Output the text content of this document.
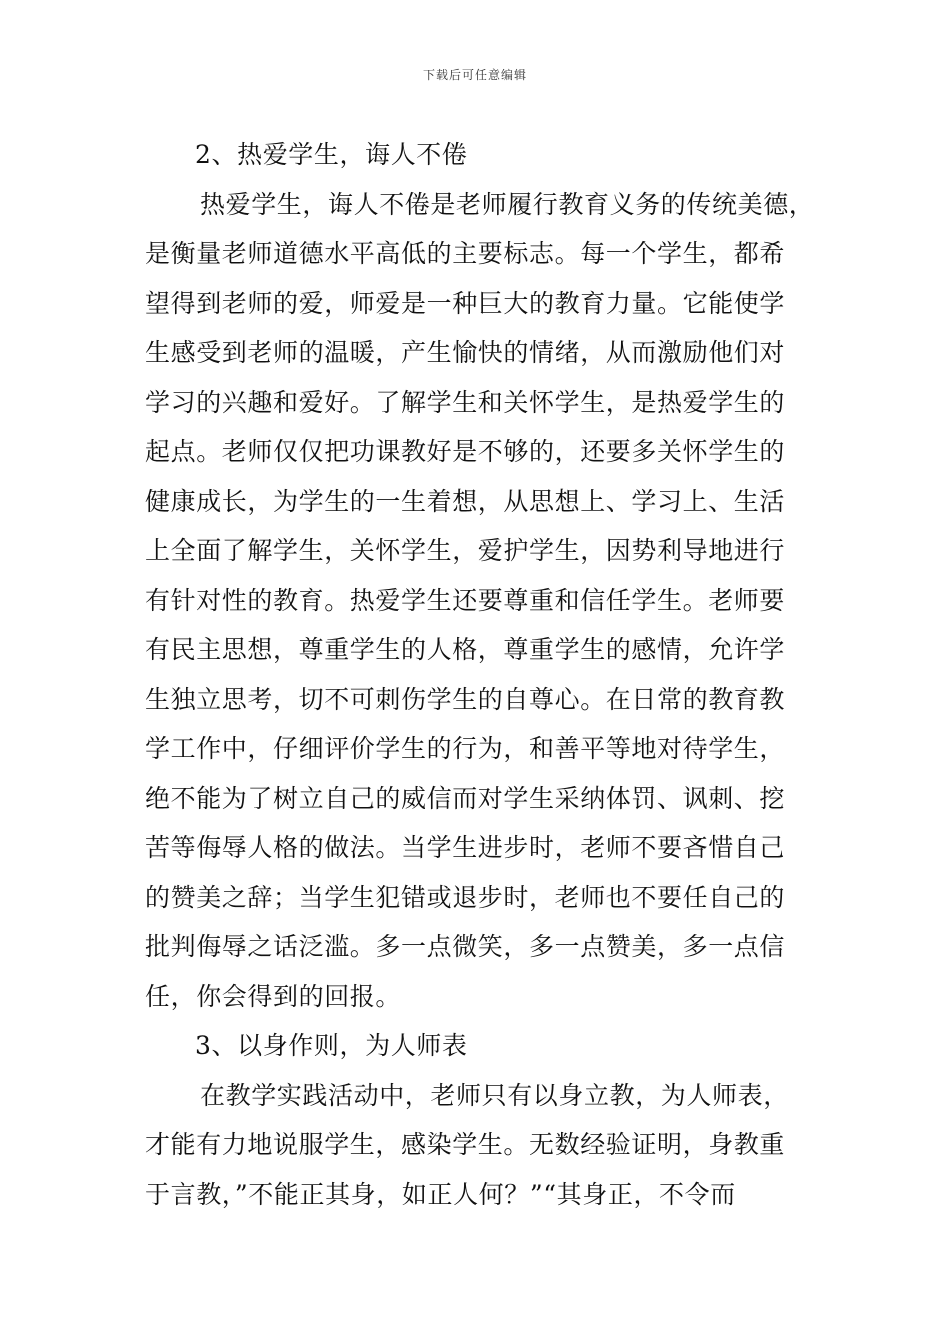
下载后可任意编辑
2、热爱学生，诲人不倦
热爱学生，诲人不倦是老师履行教育义务的传统美德，
是衡量老师道德水平高低的主要标志。每一个学生，都希
望得到老师的爱，师爱是一种巨大的教育力量。它能使学
生感受到老师的温暖，产生愉快的情绪，从而激励他们对
学习的兴趣和爱好。了解学生和关怀学生，是热爱学生的
起点。老师仅仅把功课教好是不够的，还要多关怀学生的
健康成长，为学生的一生着想，从思想上、学习上、生活
上全面了解学生，关怀学生，爱护学生，因势利导地进行
有针对性的教育。热爱学生还要尊重和信任学生。老师要
有民主思想，尊重学生的人格，尊重学生的感情，允许学
生独立思考，切不可刺伤学生的自尊心。在日常的教育教
学工作中，仔细评价学生的行为，和善平等地对待学生，
绝不能为了树立自己的威信而对学生采纳体罚、讽刺、挖
苦等侮辱人格的做法。当学生进步时，老师不要吝惜自己
的赞美之辞；当学生犯错或退步时，老师也不要任自己的
批判侮辱之话泛滥。多一点微笑，多一点赞美，多一点信
任，你会得到的回报。
3、以身作则，为人师表
在教学实践活动中，老师只有以身立教，为人师表，
才能有力地说服学生，感染学生。无数经验证明，身教重
于言教，”不能正其身，如正人何？”“其身正，不令而
